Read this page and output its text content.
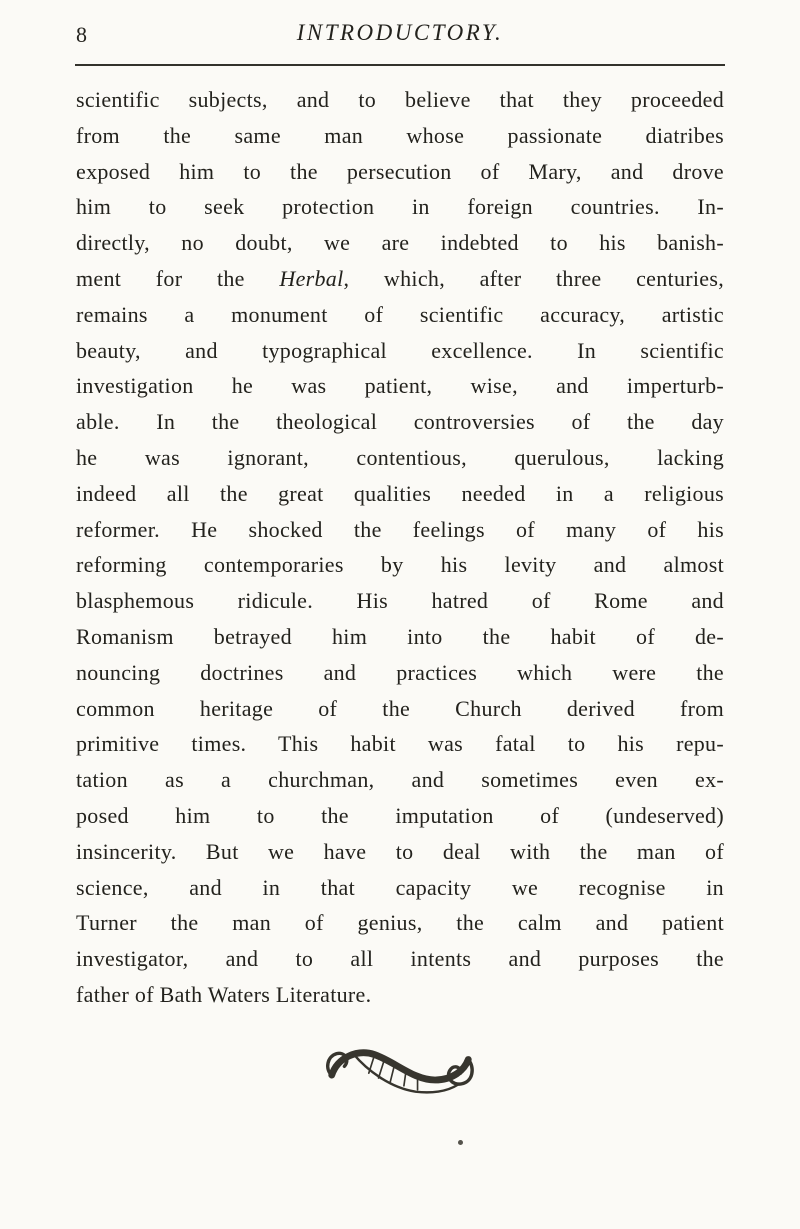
8	INTRODUCTORY.
scientific subjects, and to believe that they proceeded
from the same man whose passionate diatribes
exposed him to the persecution of Mary, and drove
him to seek protection in foreign countries. In-
directly, no doubt, we are indebted to his banish-
ment for the Herbal, which, after three centuries,
remains a monument of scientific accuracy, artistic
beauty, and typographical excellence. In scientific
investigation he was patient, wise, and imperturb-
able. In the theological controversies of the day
he was ignorant, contentious, querulous, lacking
indeed all the great qualities needed in a religious
reformer. He shocked the feelings of many of his
reforming contemporaries by his levity and almost
blasphemous ridicule. His hatred of Rome and
Romanism betrayed him into the habit of de-
nouncing doctrines and practices which were the
common heritage of the Church derived from
primitive times. This habit was fatal to his repu-
tation as a churchman, and sometimes even ex-
posed him to the imputation of (undeserved)
insincerity. But we have to deal with the man of
science, and in that capacity we recognise in
Turner the man of genius, the calm and patient
investigator, and to all intents and purposes the
father of Bath Waters Literature.
